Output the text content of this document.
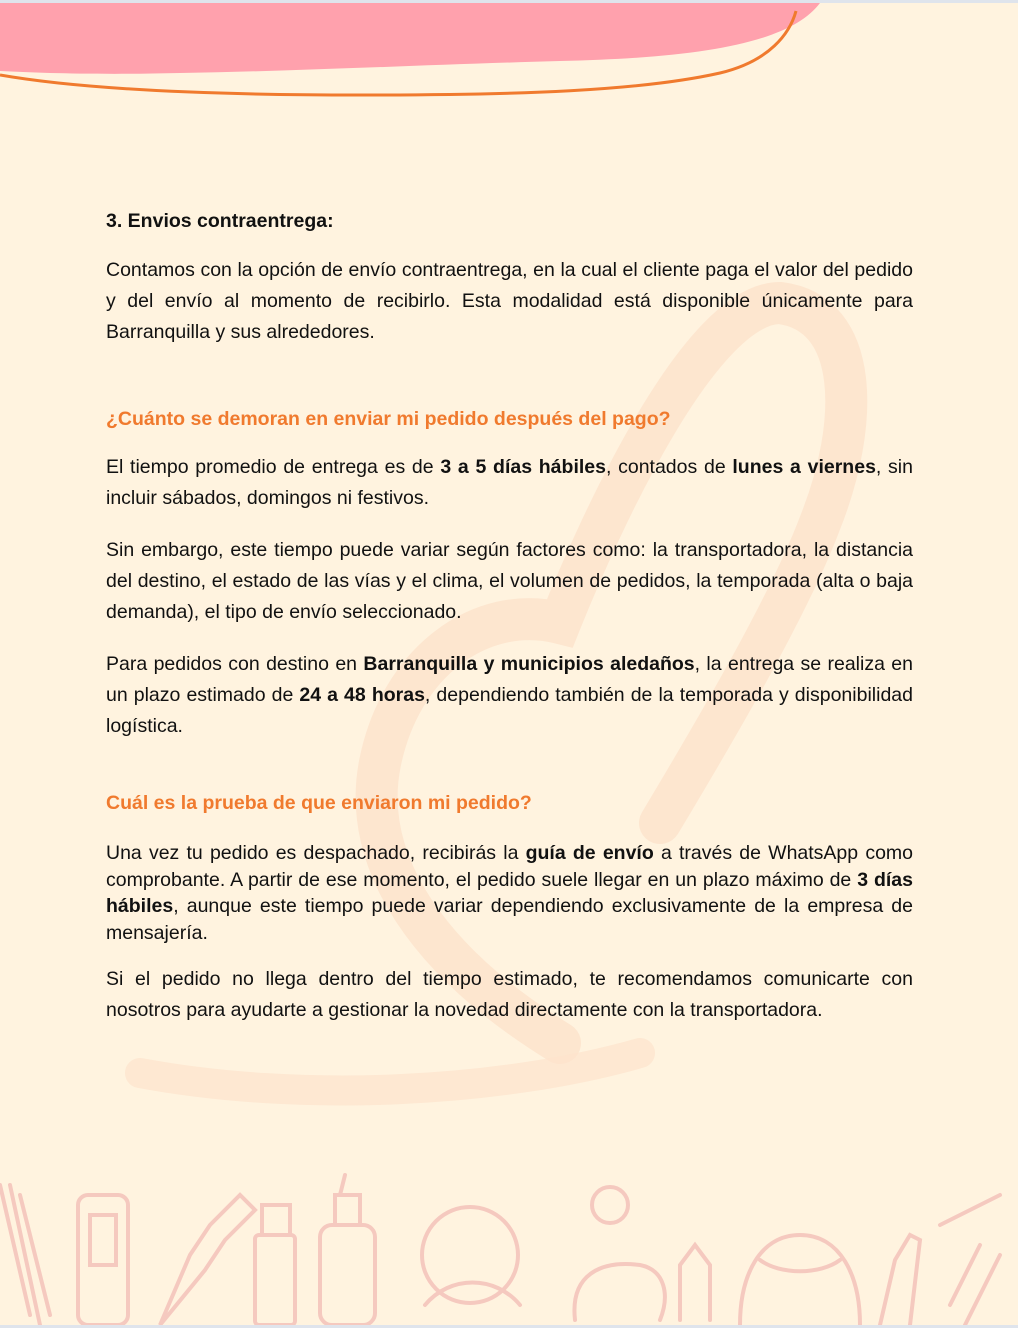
3. Envios contraentrega:

Contamos con la opción de envío contraentrega, en la cual el cliente paga el valor del pedido y del envío al momento de recibirlo. Esta modalidad está disponible únicamente para Barranquilla y sus alrededores.

¿Cuánto se demoran en enviar mi pedido después del pago?

El tiempo promedio de entrega es de 3 a 5 días hábiles, contados de lunes a viernes, sin incluir sábados, domingos ni festivos.

Sin embargo, este tiempo puede variar según factores como: la transportadora, la distancia del destino, el estado de las vías y el clima, el volumen de pedidos, la temporada (alta o baja demanda), el tipo de envío seleccionado.

Para pedidos con destino en Barranquilla y municipios aledaños, la entrega se realiza en un plazo estimado de 24 a 48 horas, dependiendo también de la temporada y disponibilidad logística.

Cuál es la prueba de que enviaron mi pedido?

Una vez tu pedido es despachado, recibirás la guía de envío a través de WhatsApp como comprobante. A partir de ese momento, el pedido suele llegar en un plazo máximo de 3 días hábiles, aunque este tiempo puede variar dependiendo exclusivamente de la empresa de mensajería.

Si el pedido no llega dentro del tiempo estimado, te recomendamos comunicarte con nosotros para ayudarte a gestionar la novedad directamente con la transportadora.
